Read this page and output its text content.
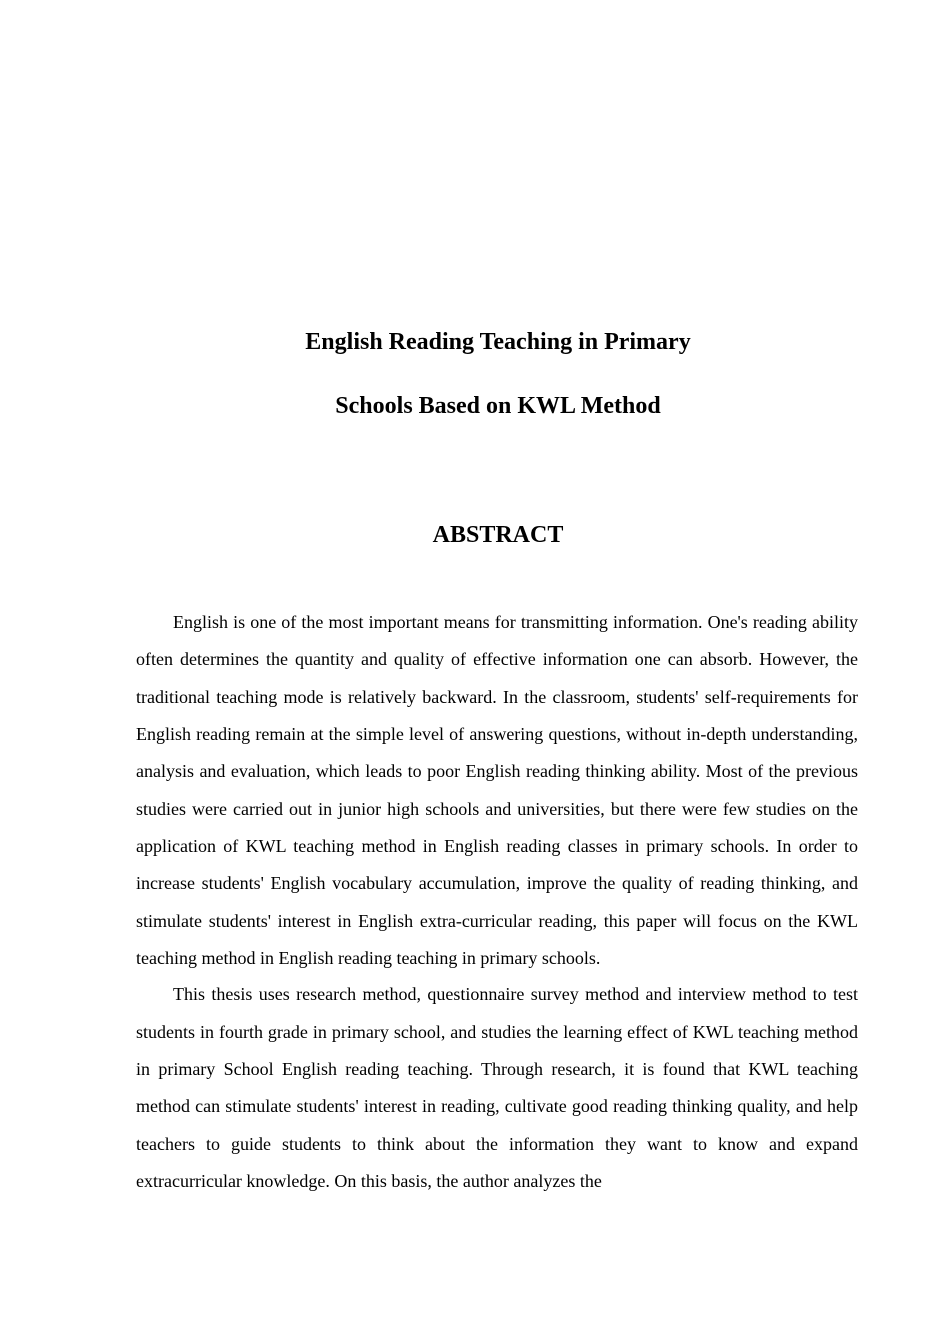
English Reading Teaching in Primary
Schools Based on KWL Method
ABSTRACT

English is one of the most important means for transmitting information. One's reading ability often determines the quantity and quality of effective information one can absorb. However, the traditional teaching mode is relatively backward. In the classroom, students' self-requirements for English reading remain at the simple level of answering questions, without in-depth understanding, analysis and evaluation, which leads to poor English reading thinking ability. Most of the previous studies were carried out in junior high schools and universities, but there were few studies on the application of KWL teaching method in English reading classes in primary schools. In order to increase students' English vocabulary accumulation, improve the quality of reading thinking, and stimulate students' interest in English extra-curricular reading, this paper will focus on the KWL teaching method in English reading teaching in primary schools.

This thesis uses research method, questionnaire survey method and interview method to test students in fourth grade in primary school, and studies the learning effect of KWL teaching method in primary School English reading teaching. Through research, it is found that KWL teaching method can stimulate students' interest in reading, cultivate good reading thinking quality, and help teachers to guide students to think about the information they want to know and expand extracurricular knowledge. On this basis, the author analyzes the
